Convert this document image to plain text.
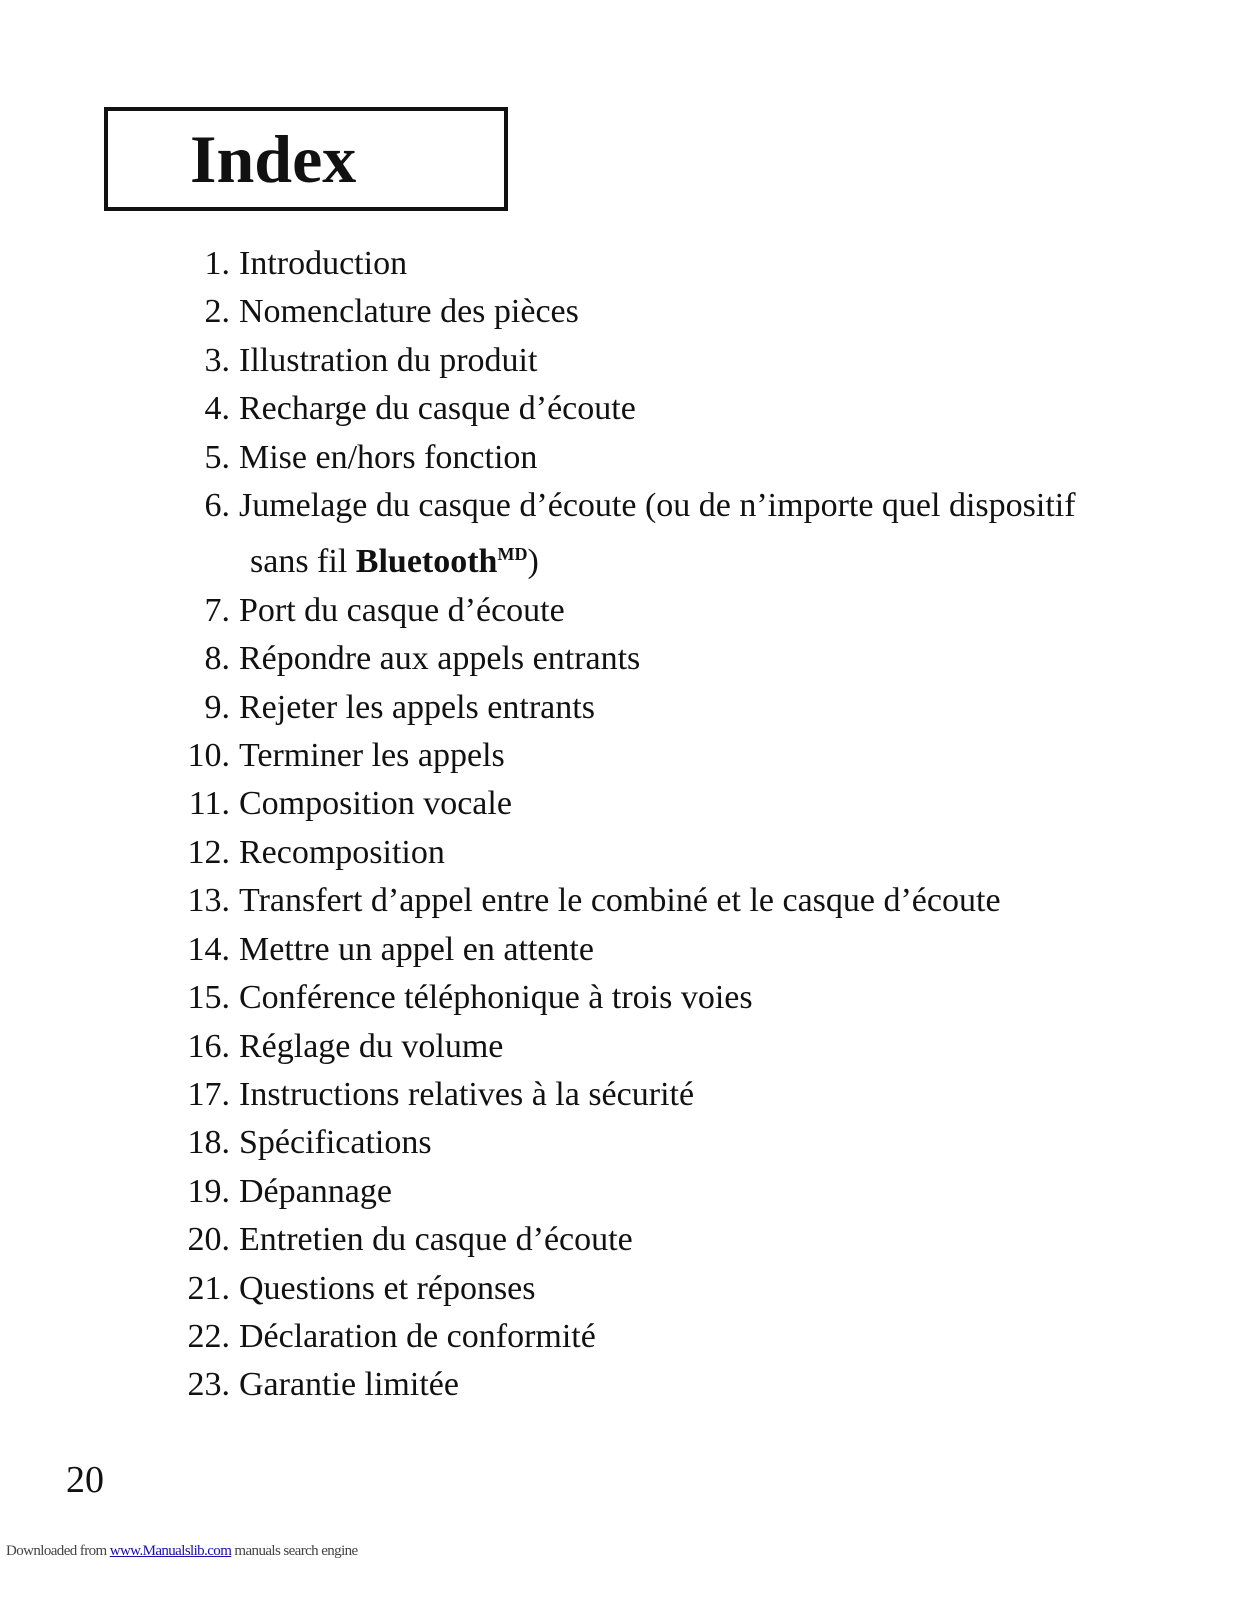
Index
1. Introduction
2. Nomenclature des pièces
3. Illustration du produit
4. Recharge du casque d’écoute
5. Mise en/hors fonction
6. Jumelage du casque d’écoute (ou de n’importe quel dispositif
sans fil Bluetooth$^{MD}$)
7. Port du casque d’écoute
8. Répondre aux appels entrants
9. Rejeter les appels entrants
10. Terminer les appels
11. Composition vocale
12. Recomposition
13. Transfert d’appel entre le combiné et le casque d’écoute
14. Mettre un appel en attente
15. Conférence téléphonique à trois voies
16. Réglage du volume
17. Instructions relatives à la sécurité
18. Spécifications
19. Dépannage
20. Entretien du casque d’écoute
21. Questions et réponses
22. Déclaration de conformité
23. Garantie limitée
20
Downloaded from www.Manualslib.com manuals search engine
